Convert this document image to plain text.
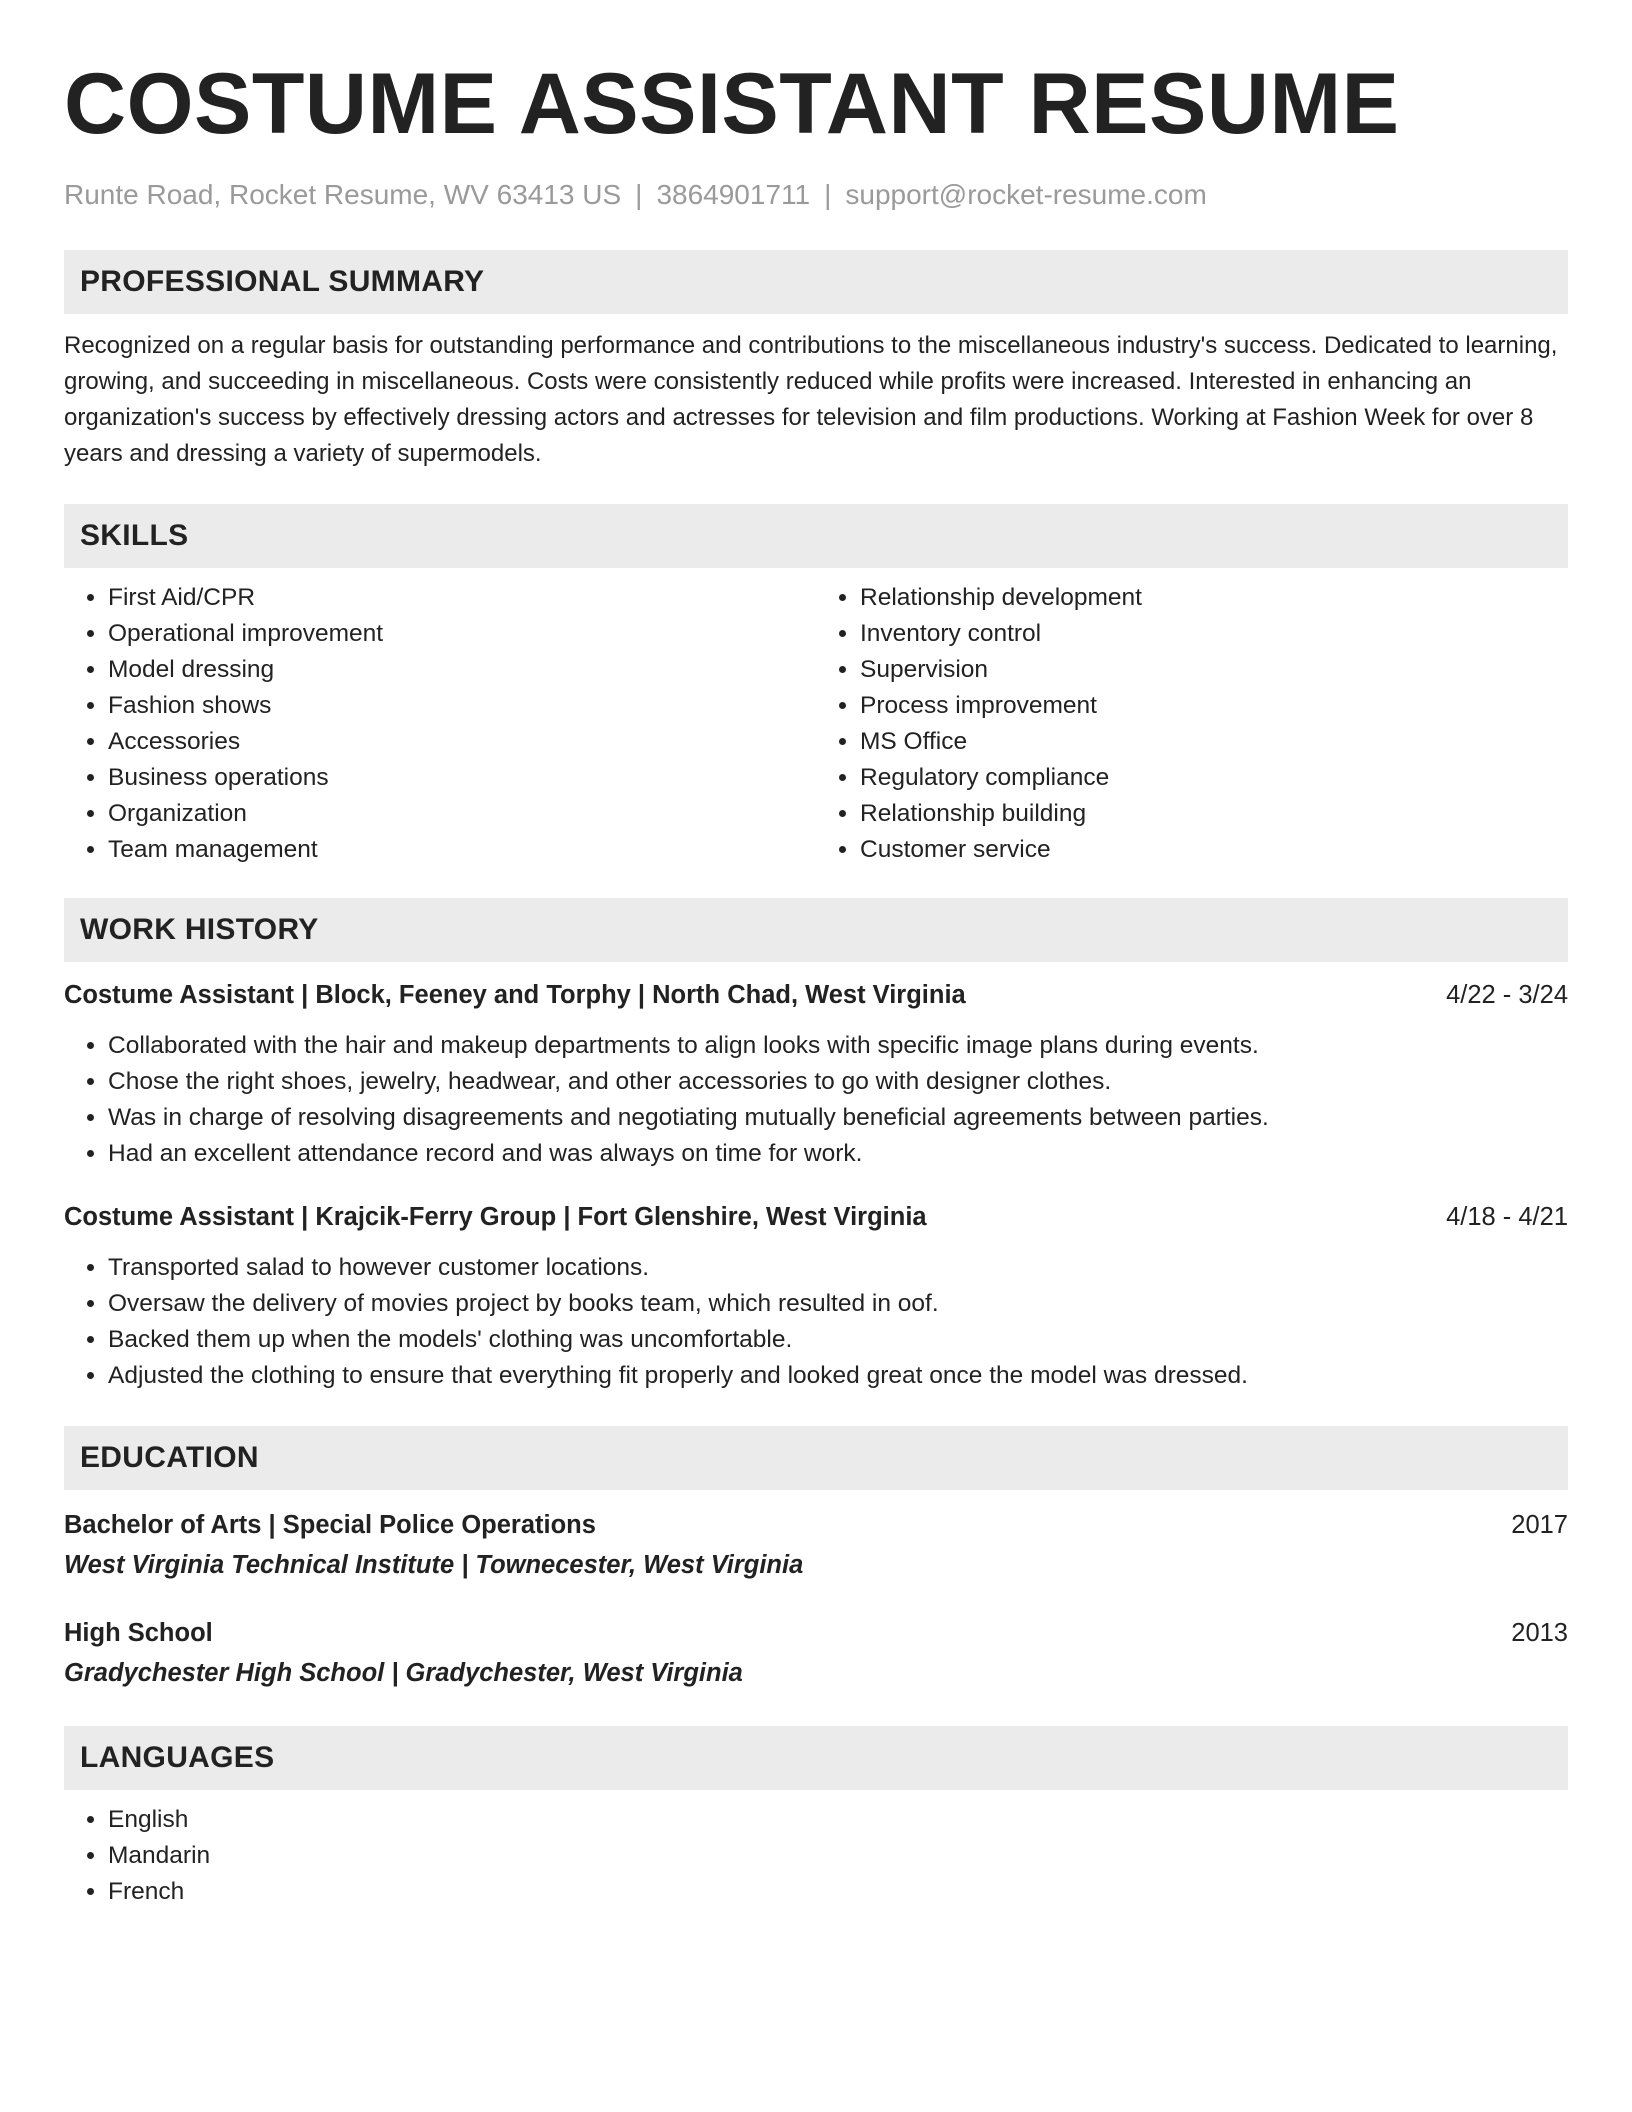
COSTUME ASSISTANT RESUME
Runte Road, Rocket Resume, WV 63413 US | 3864901711 | support@rocket-resume.com
PROFESSIONAL SUMMARY

Recognized on a regular basis for outstanding performance and contributions to the miscellaneous industry's success. Dedicated to learning, growing, and succeeding in miscellaneous. Costs were consistently reduced while profits were increased. Interested in enhancing an organization's success by effectively dressing actors and actresses for television and film productions. Working at Fashion Week for over 8 years and dressing a variety of supermodels.

SKILLS
• First Aid/CPR
• Operational improvement
• Model dressing
• Fashion shows
• Accessories
• Business operations
• Organization
• Team management
• Relationship development
• Inventory control
• Supervision
• Process improvement
• MS Office
• Regulatory compliance
• Relationship building
• Customer service
WORK HISTORY
Costume Assistant | Block, Feeney and Torphy | North Chad, West Virginia	4/22 - 3/24
• Collaborated with the hair and makeup departments to align looks with specific image plans during events.
• Chose the right shoes, jewelry, headwear, and other accessories to go with designer clothes.
• Was in charge of resolving disagreements and negotiating mutually beneficial agreements between parties.
• Had an excellent attendance record and was always on time for work.
Costume Assistant | Krajcik-Ferry Group | Fort Glenshire, West Virginia	4/18 - 4/21
• Transported salad to however customer locations.
• Oversaw the delivery of movies project by books team, which resulted in oof.
• Backed them up when the models' clothing was uncomfortable.
• Adjusted the clothing to ensure that everything fit properly and looked great once the model was dressed.
EDUCATION
Bachelor of Arts | Special Police Operations	2017
West Virginia Technical Institute | Townecester, West Virginia
High School	2013
Gradychester High School | Gradychester, West Virginia
LANGUAGES
• English
• Mandarin
• French
